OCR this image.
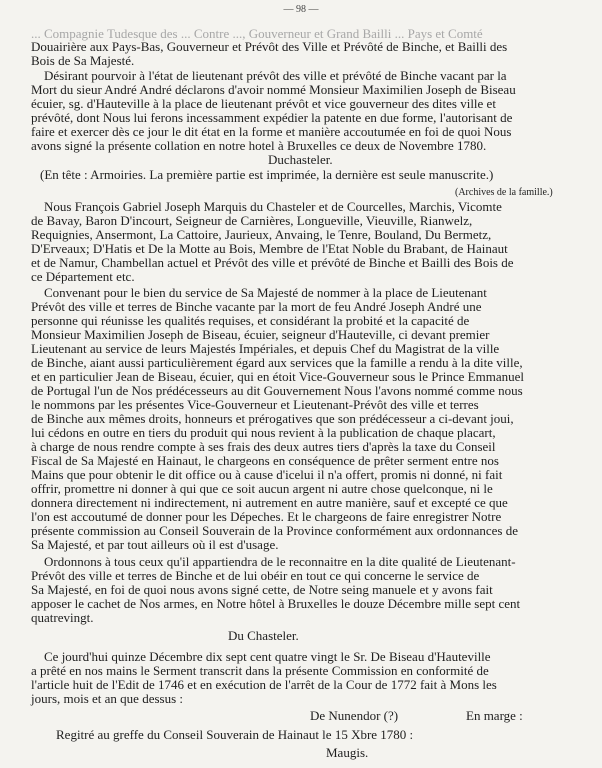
— 98 —
... Compagnie Tudesque des ... Contre ..., Gouverneur et Grand Bailli ... Pays et Comté
Douairière aux Pays-Bas, Gouverneur et Prévôt des Ville et Prévôté de Binche, et Bailli des
Bois de Sa Majesté.
Désirant pourvoir à l'état de lieutenant prévôt des ville et prévôté de Binche vacant par la
Mort du sieur André André déclarons d'avoir nommé Monsieur Maximilien Joseph de Biseau
écuier, sg. d'Hauteville à la place de lieutenant prévôt et vice gouverneur des dites ville et
prévôté, dont Nous lui ferons incessamment expédier la patente en due forme, l'autorisant de
faire et exercer dès ce jour le dit état en la forme et manière accoutumée en foi de quoi Nous
avons signé la présente collation en notre hotel à Bruxelles ce deux de Novembre 1780.
Duchasteler.
(En tête : Armoiries. La première partie est imprimée, la dernière est seule manuscrite.)
(Archives de la famille.)
Nous François Gabriel Joseph Marquis du Chasteler et de Courcelles, Marchis, Vicomte
de Bavay, Baron D'incourt, Seigneur de Carnières, Longueville, Vieuville, Rianwelz,
Requignies, Ansermont, La Cattoire, Jaurieux, Anvaing, le Tenre, Bouland, Du Bermetz,
D'Erveaux; D'Hatis et De la Motte au Bois, Membre de l'Etat Noble du Brabant, de Hainaut
et de Namur, Chambellan actuel et Prévôt des ville et prévôté de Binche et Bailli des Bois de
ce Département etc.
Convenant pour le bien du service de Sa Majesté de nommer à la place de Lieutenant
Prévôt des ville et terres de Binche vacante par la mort de feu André Joseph André une
personne qui réunisse les qualités requises, et considérant la probité et la capacité de
Monsieur Maximilien Joseph de Biseau, écuier, seigneur d'Hauteville, ci devant premier
Lieutenant au service de leurs Majestés Impériales, et depuis Chef du Magistrat de la ville
de Binche, aiant aussi particulièrement égard aux services que la famille a rendu à la dite ville,
et en particulier Jean de Biseau, écuier, qui en étoit Vice-Gouverneur sous le Prince Emmanuel
de Portugal l'un de Nos prédécesseurs au dit Gouvernement Nous l'avons nommé comme nous
le nommons par les présentes Vice-Gouverneur et Lieutenant-Prévôt des ville et terres
de Binche aux mêmes droits, honneurs et prérogatives que son prédécesseur a ci-devant joui,
lui cédons en outre en tiers du produit qui nous revient à la publication de chaque placart,
à charge de nous rendre compte à ses frais des deux autres tiers d'après la taxe du Conseil
Fiscal de Sa Majesté en Hainaut, le chargeons en conséquence de prêter serment entre nos
Mains que pour obtenir le dit office ou à cause d'icelui il n'a offert, promis ni donné, ni fait
offrir, promettre ni donner à qui que ce soit aucun argent ni autre chose quelconque, ni le
donnera directement ni indirectement, ni autrement en autre manière, sauf et excepté ce que
l'on est accoutumé de donner pour les Dépeches. Et le chargeons de faire enregistrer Notre
présente commission au Conseil Souverain de la Province conformément aux ordonnances de
Sa Majesté, et par tout ailleurs où il est d'usage.
Ordonnons à tous ceux qu'il appartiendra de le reconnaitre en la dite qualité de Lieutenant-
Prévôt des ville et terres de Binche et de lui obéir en tout ce qui concerne le service de
Sa Majesté, en foi de quoi nous avons signé cette, de Notre seing manuele et y avons fait
apposer le cachet de Nos armes, en Notre hôtel à Bruxelles le douze Décembre mille sept cent
quatrevingt.
Du Chasteler.
Ce jourd'hui quinze Décembre dix sept cent quatre vingt le Sr. De Biseau d'Hauteville
a prêté en nos mains le Serment transcrit dans la présente Commission en conformité de
l'article huit de l'Edit de 1746 et en exécution de l'arrêt de la Cour de 1772 fait à Mons les
jours, mois et an que dessus :
De Nunendor (?)	En marge :
Regitré au greffe du Conseil Souverain de Hainaut le 15 Xbre 1780 :
Maugis.
